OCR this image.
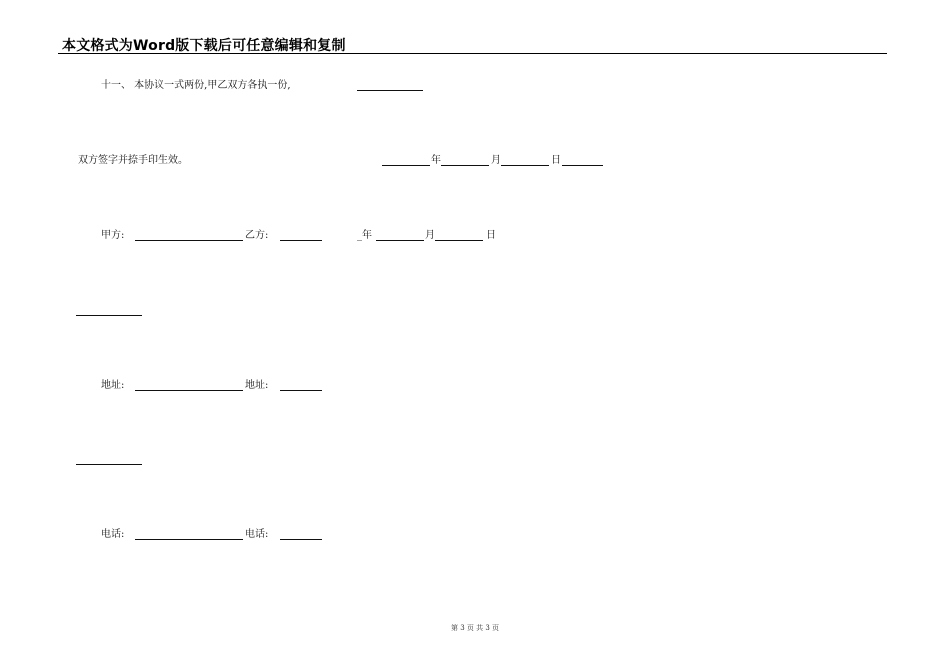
本文格式为Word版下载后可任意编辑和复制
十一、 本协议一式两份,甲乙双方各执一份,
双方签字并捺手印生效。	年	月	日
甲方:	乙方:	_年	月	日
地址:	地址:
电话:	电话:
第 3 页 共 3 页
